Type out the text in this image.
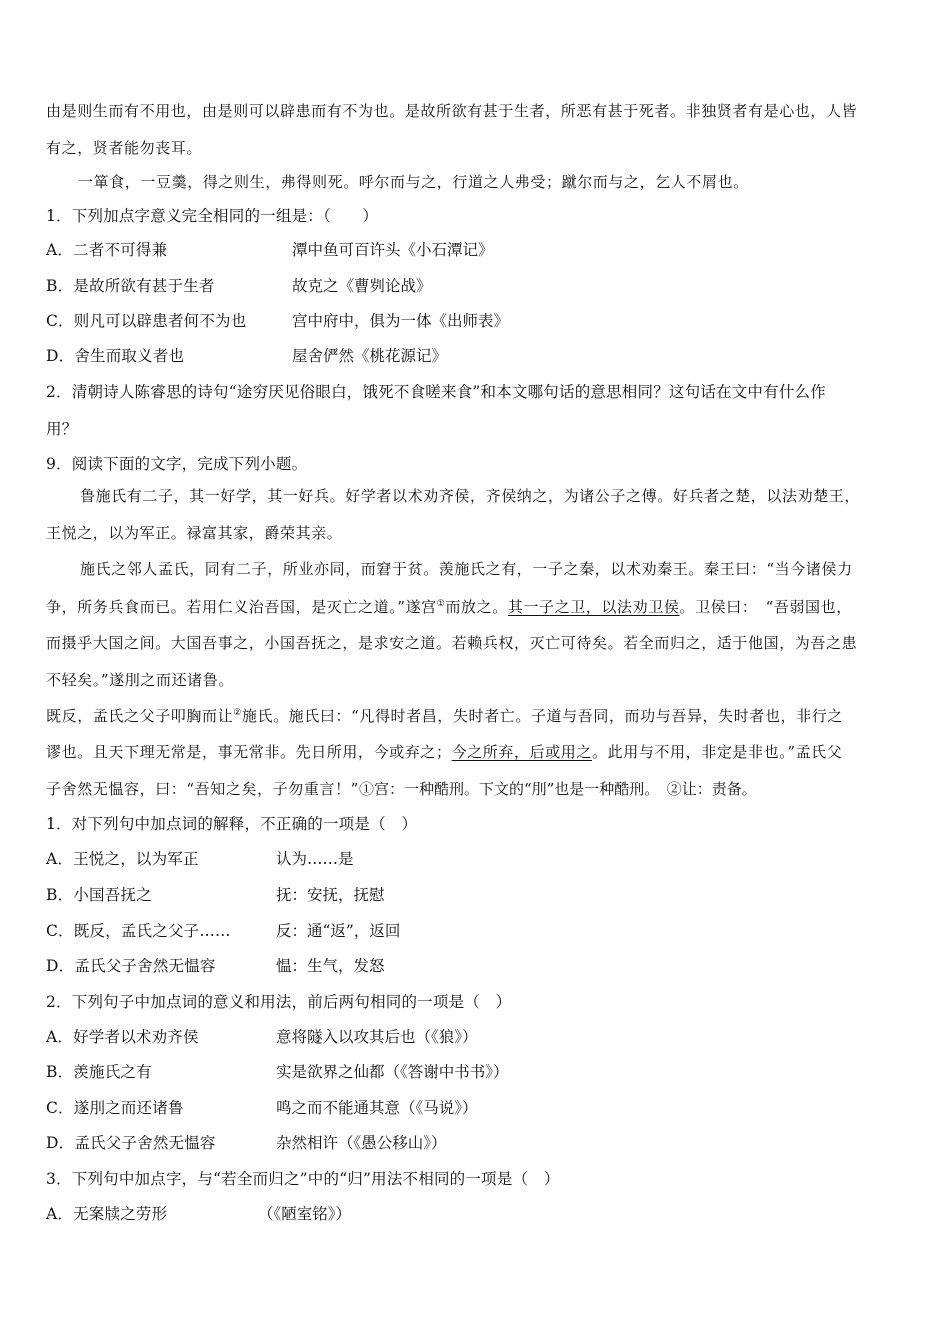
由是则生而有不用也，由是则可以辟患而有不为也。是故所欲有甚于生者，所恶有甚于死者。非独贤者有是心也，人皆
有之，贤者能勿丧耳。
一箪食，一豆羹，得之则生，弗得则死。呼尔而与之，行道之人弗受；蹴尔而与之，乞人不屑也。
1．下列加点字意义完全相同的一组是：（　　）
A．二者不可得兼	潭中鱼可百许头《小石潭记》
B．是故所欲有甚于生者	故克之《曹刿论战》
C．则凡可以辟患者何不为也	宫中府中，俱为一体《出师表》
D．舍生而取义者也	屋舍俨然《桃花源记》
2．清朝诗人陈睿思的诗句“途穷厌见俗眼白，饿死不食嗟来食”和本文哪句话的意思相同？这句话在文中有什么作
用？
9．阅读下面的文字，完成下列小题。
鲁施氏有二子，其一好学，其一好兵。好学者以术劝齐侯，齐侯纳之，为诸公子之傅。好兵者之楚，以法劝楚王，
王悦之，以为军正。禄富其家，爵荣其亲。
施氏之邻人孟氏，同有二子，所业亦同，而窘于贫。羡施氏之有，一子之秦，以术劝秦王。秦王曰：“当今诸侯力
争，所务兵食而已。若用仁义治吾国，是灭亡之道。”遂宫①而放之。其一子之卫，以法劝卫侯。卫侯曰：　“吾弱国也，
而摄乎大国之间。大国吾事之，小国吾抚之，是求安之道。若赖兵权，灭亡可待矣。若全而归之，适于他国，为吾之患
不轻矣。”遂刖之而还诸鲁。
既反，孟氏之父子叩胸而让②施氏。施氏曰：“凡得时者昌，失时者亡。子道与吾同，而功与吾异，失时者也，非行之
谬也。且天下理无常是，事无常非。先日所用，今或弃之；今之所弃，后或用之。此用与不用，非定是非也。”孟氏父
子舍然无愠容，曰：“吾知之矣，子勿重言！”①宫：一种酷刑。下文的“刖”也是一种酷刑。　②让：责备。
1．对下列句中加点词的解释，不正确的一项是（　）
A．王悦之，以为军正	认为……是
B．小国吾抚之	抚：安抚，抚慰
C．既反，孟氏之父子……	反：通“返”，返回
D．孟氏父子舍然无愠容	愠：生气，发怒
2．下列句子中加点词的意义和用法，前后两句相同的一项是（　）
A．好学者以术劝齐侯	意将隧入以攻其后也（《狼》）
B．羡施氏之有	实是欲界之仙都（《答谢中书书》）
C．遂刖之而还诸鲁	鸣之而不能通其意（《马说》）
D．孟氏父子舍然无愠容	杂然相许（《愚公移山》）
3．下列句中加点字，与“若全而归之”中的“归”用法不相同的一项是（　）
A．无案牍之劳形	（《陋室铭》）
